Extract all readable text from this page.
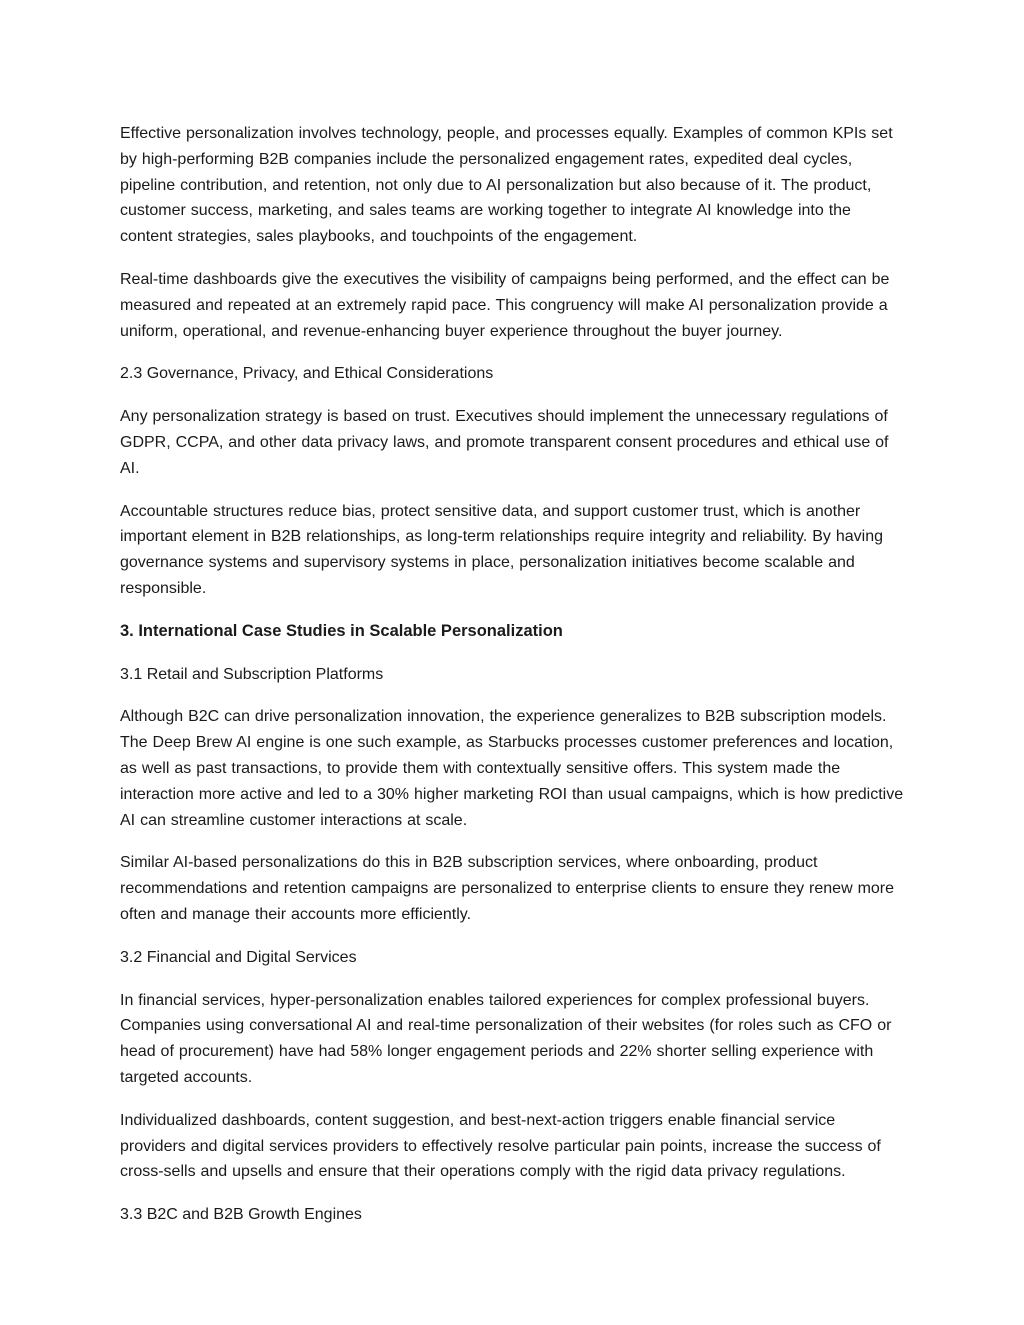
Effective personalization involves technology, people, and processes equally. Examples of common KPIs set by high-performing B2B companies include the personalized engagement rates, expedited deal cycles, pipeline contribution, and retention, not only due to AI personalization but also because of it. The product, customer success, marketing, and sales teams are working together to integrate AI knowledge into the content strategies, sales playbooks, and touchpoints of the engagement.

Real-time dashboards give the executives the visibility of campaigns being performed, and the effect can be measured and repeated at an extremely rapid pace. This congruency will make AI personalization provide a uniform, operational, and revenue-enhancing buyer experience throughout the buyer journey.

2.3 Governance, Privacy, and Ethical Considerations

Any personalization strategy is based on trust. Executives should implement the unnecessary regulations of GDPR, CCPA, and other data privacy laws, and promote transparent consent procedures and ethical use of AI.

Accountable structures reduce bias, protect sensitive data, and support customer trust, which is another important element in B2B relationships, as long-term relationships require integrity and reliability. By having governance systems and supervisory systems in place, personalization initiatives become scalable and responsible.

3. International Case Studies in Scalable Personalization
3.1 Retail and Subscription Platforms

Although B2C can drive personalization innovation, the experience generalizes to B2B subscription models. The Deep Brew AI engine is one such example, as Starbucks processes customer preferences and location, as well as past transactions, to provide them with contextually sensitive offers. This system made the interaction more active and led to a 30% higher marketing ROI than usual campaigns, which is how predictive AI can streamline customer interactions at scale.

Similar AI-based personalizations do this in B2B subscription services, where onboarding, product recommendations and retention campaigns are personalized to enterprise clients to ensure they renew more often and manage their accounts more efficiently.

3.2 Financial and Digital Services

In financial services, hyper-personalization enables tailored experiences for complex professional buyers. Companies using conversational AI and real-time personalization of their websites (for roles such as CFO or head of procurement) have had 58% longer engagement periods and 22% shorter selling experience with targeted accounts.

Individualized dashboards, content suggestion, and best-next-action triggers enable financial service providers and digital services providers to effectively resolve particular pain points, increase the success of cross-sells and upsells and ensure that their operations comply with the rigid data privacy regulations.

3.3 B2C and B2B Growth Engines
